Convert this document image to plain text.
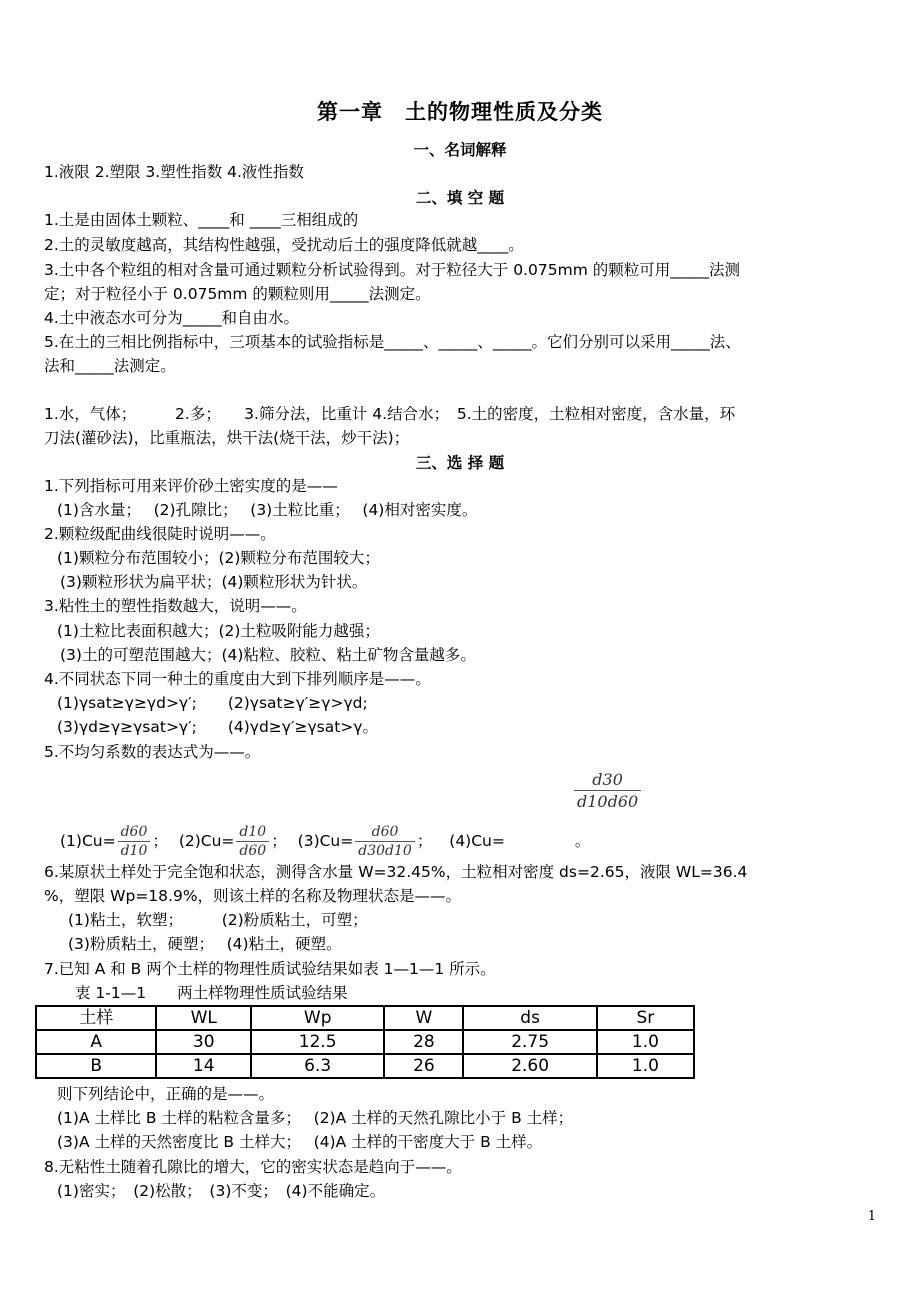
第一章　土的物理性质及分类
一、名词解释
1.液限 2.塑限 3.塑性指数 4.液性指数
二、填 空 题
1.土是由固体土颗粒、____和 ____三相组成的
2.土的灵敏度越高，其结构性越强，受扰动后土的强度降低就越____。
3.土中各个粒组的相对含量可通过颗粒分析试验得到。对于粒径大于 0.075mm 的颗粒可用_____法测
定；对于粒径小于 0.075mm 的颗粒则用_____法测定。
4.土中液态水可分为_____和自由水。
5.在土的三相比例指标中，三项基本的试验指标是_____、_____、_____。它们分别可以采用_____法、
法和_____法测定。
1.水，气体；　　　2.多；　　3.筛分法，比重计 4.结合水；　5.土的密度，土粒相对密度，含水量，环
刀法(灌砂法)，比重瓶法，烘干法(烧干法，炒干法)；
三、选 择 题
1.下列指标可用来评价砂土密实度的是——
(1)含水量；　 (2)孔隙比；　 (3)土粒比重；　 (4)相对密实度。
2.颗粒级配曲线很陡时说明——。
(1)颗粒分布范围较小；(2)颗粒分布范围较大；
(3)颗粒形状为扁平状；(4)颗粒形状为针状。
3.粘性土的塑性指数越大，说明——。
(1)土粒比表面积越大；(2)土粒吸附能力越强；
(3)土的可塑范围越大；(4)粘粒、胶粒、粘土矿物含量越多。
4.不同状态下同一种土的重度由大到下排列顺序是——。
(1)γsat≥γ≥γd>γ′;　　(2)γsat≥γ′≥γ>γd;
(3)γd≥γ≥γsat>γ′;　　(4)γd≥γ′≥γsat>γ。
5.不均匀系数的表达式为——。
$\frac{d30}{d10d60}$
$(1)Cu= \frac{d60}{d10}$ ； $(2)Cu= \frac{d10}{d60}$ ； $(3)Cu= \frac{d60}{d30d10}$ ； (4)Cu=	。
6.某原状土样处于完全饱和状态，测得含水量 W=32.45%，土粒相对密度 ds=2.65，液限 WL=36.4
%，塑限 Wp=18.9%，则该土样的名称及物理状态是——。
(1)粘土，软塑；　　　(2)粉质粘土，可塑；
(3)粉质粘土，硬塑；　 (4)粘土，硬塑。
7.已知 A 和 B 两个土样的物理性质试验结果如表 1—1—1 所示。
衷 1-1—1　　两土样物理性质试验结果
土样	WL	Wp	W	ds	Sr
A	30	12.5	28	2.75	1.0
B	14	6.3	26	2.60	1.0
则下列结论中，正确的是——。
(1)A 土样比 B 土样的粘粒含量多；　 (2)A 土样的天然孔隙比小于 B 土样；
(3)A 土样的天然密度比 B 土样大；　 (4)A 土样的干密度大于 B 土样。
8.无粘性土随着孔隙比的增大，它的密实状态是趋向于——。
(1)密实；　(2)松散；　(3)不变；　(4)不能确定。
1
